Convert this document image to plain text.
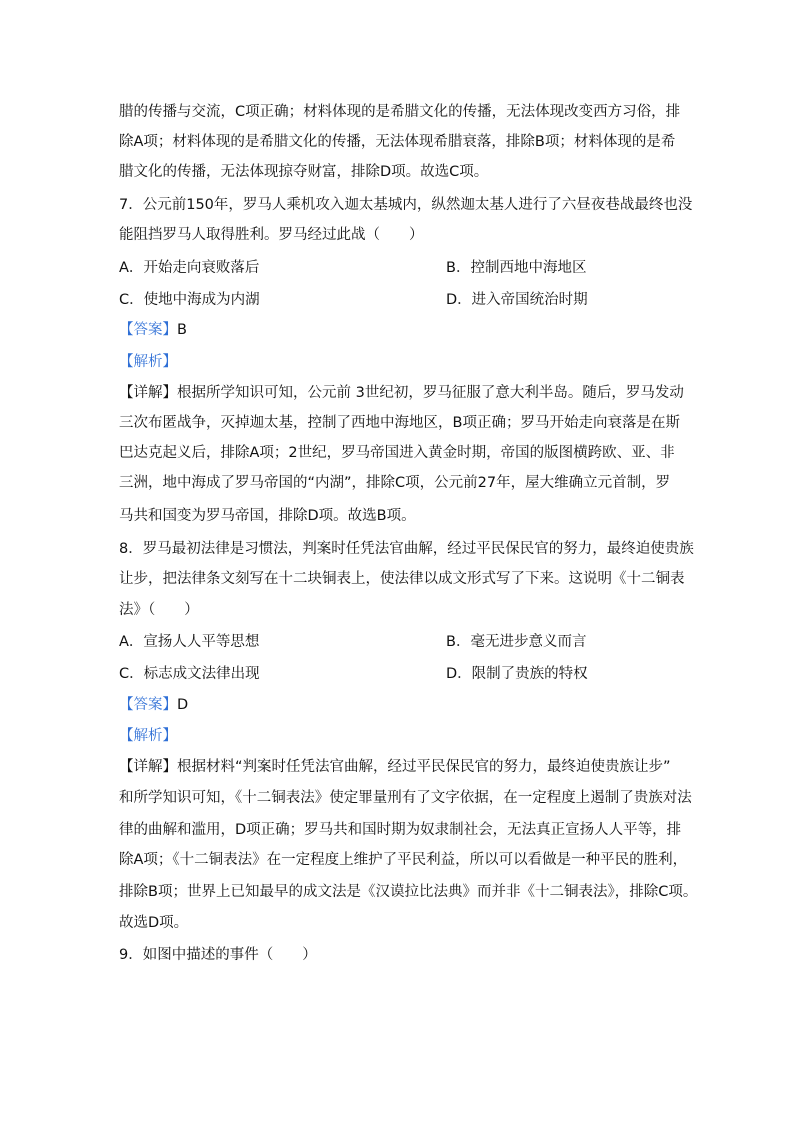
腊的传播与交流，C项正确；材料体现的是希腊文化的传播，无法体现改变西方习俗，排
除A项；材料体现的是希腊文化的传播，无法体现希腊衰落，排除B项；材料体现的是希
腊文化的传播，无法体现掠夺财富，排除D项。故选C项。
7．公元前150年，罗马人乘机攻入迦太基城内，纵然迦太基人进行了六昼夜巷战最终也没
能阻挡罗马人取得胜利。罗马经过此战（　　）
A．开始走向衰败落后	B．控制西地中海地区
C．使地中海成为内湖	D．进入帝国统治时期
【答案】B
【解析】
【详解】根据所学知识可知，公元前 3世纪初，罗马征服了意大利半岛。随后，罗马发动
三次布匿战争，灭掉迦太基，控制了西地中海地区，B项正确；罗马开始走向衰落是在斯
巴达克起义后，排除A项；2世纪，罗马帝国进入黄金时期，帝国的版图横跨欧、亚、非
三洲，地中海成了罗马帝国的“内湖”，排除C项，公元前27年，屋大维确立元首制，罗
马共和国变为罗马帝国，排除D项。故选B项。
8．罗马最初法律是习惯法，判案时任凭法官曲解，经过平民保民官的努力，最终迫使贵族
让步，把法律条文刻写在十二块铜表上，使法律以成文形式写了下来。这说明《十二铜表
法》（　　）
A．宣扬人人平等思想	B．毫无进步意义而言
C．标志成文法律出现	D．限制了贵族的特权
【答案】D
【解析】
【详解】根据材料“判案时任凭法官曲解，经过平民保民官的努力，最终迫使贵族让步”
和所学知识可知，《十二铜表法》使定罪量刑有了文字依据，在一定程度上遏制了贵族对法
律的曲解和滥用，D项正确；罗马共和国时期为奴隶制社会，无法真正宣扬人人平等，排
除A项；《十二铜表法》在一定程度上维护了平民利益，所以可以看做是一种平民的胜利，
排除B项；世界上已知最早的成文法是《汉谟拉比法典》而并非《十二铜表法》，排除C项。
故选D项。
9．如图中描述的事件（　　）
